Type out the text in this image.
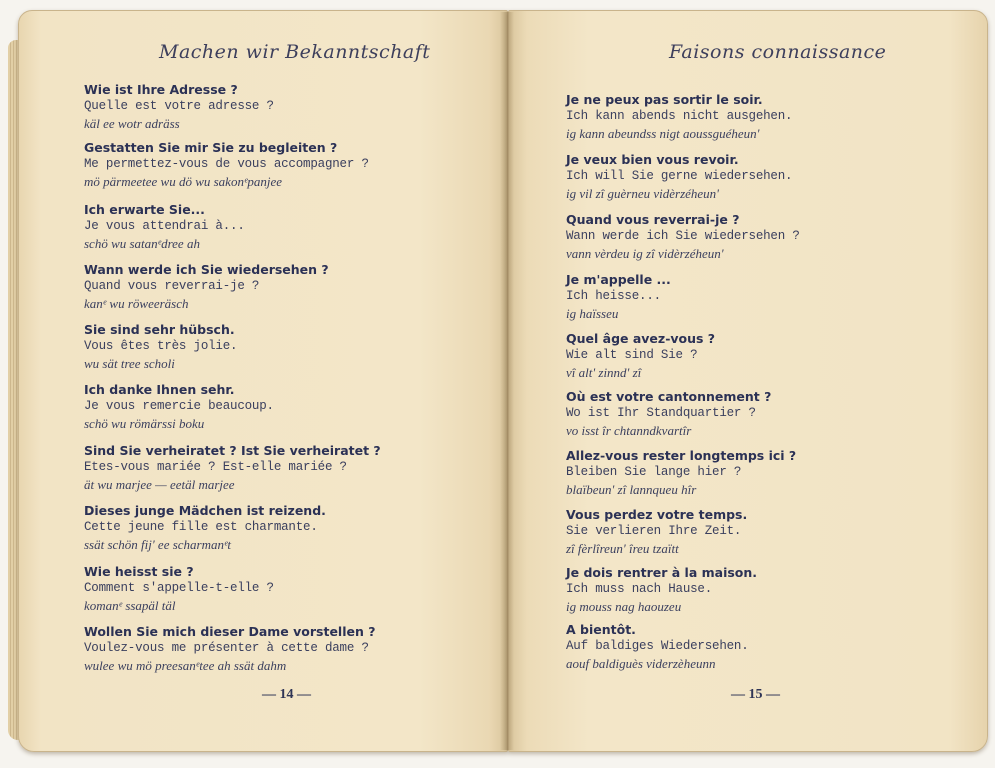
Machen wir Bekanntschaft
Wie ist Ihre Adresse ?
Quelle est votre adresse ?
käl ee wotr adräss
Gestatten Sie mir Sie zu begleiten ?
Me permettez-vous de vous accompagner ?
mö pärmeetee wu dö wu sakonᵉpanjee
Ich erwarte Sie...
Je vous attendrai à...
schö wu satanᵉdree ah
Wann werde ich Sie wiedersehen ?
Quand vous reverrai-je ?
kanᵉ wu röweeräsch
Sie sind sehr hübsch.
Vous êtes très jolie.
wu sät tree scholi
Ich danke Ihnen sehr.
Je vous remercie beaucoup.
schö wu römärssi boku
Sind Sie verheiratet ? Ist Sie verheiratet ?
Etes-vous mariée ? Est-elle mariée ?
ät wu marjee — eetäl marjee
Dieses junge Mädchen ist reizend.
Cette jeune fille est charmante.
ssät schön fij' ee scharmanᵉt
Wie heisst sie ?
Comment s'appelle-t-elle ?
komanᵉ ssapäl täl
Wollen Sie mich dieser Dame vorstellen ?
Voulez-vous me présenter à cette dame ?
wulee wu mö preesanᵉtee ah ssät dahm
— 14 —
Faisons connaissance
Je ne peux pas sortir le soir.
Ich kann abends nicht ausgehen.
ig kann abeundss nigt aoussguéheun'
Je veux bien vous revoir.
Ich will Sie gerne wiedersehen.
ig vil zî guèrneu vidèrzéheun'
Quand vous reverrai-je ?
Wann werde ich Sie wiedersehen ?
vann vèrdeu ig zî vidèrzéheun'
Je m'appelle ...
Ich heisse...
ig haïsseu
Quel âge avez-vous ?
Wie alt sind Sie ?
vî alt' zinnd' zî
Où est votre cantonnement ?
Wo ist Ihr Standquartier ?
vo isst îr chtanndkvartîr
Allez-vous rester longtemps ici ?
Bleiben Sie lange hier ?
blaïbeun' zî lannqueu hîr
Vous perdez votre temps.
Sie verlieren Ihre Zeit.
zî fèrlîreun' îreu tzaïtt
Je dois rentrer à la maison.
Ich muss nach Hause.
ig mouss nag haouzeu
A bientôt.
Auf baldiges Wiedersehen.
aouf baldiguès viderzèheunn
— 15 —
